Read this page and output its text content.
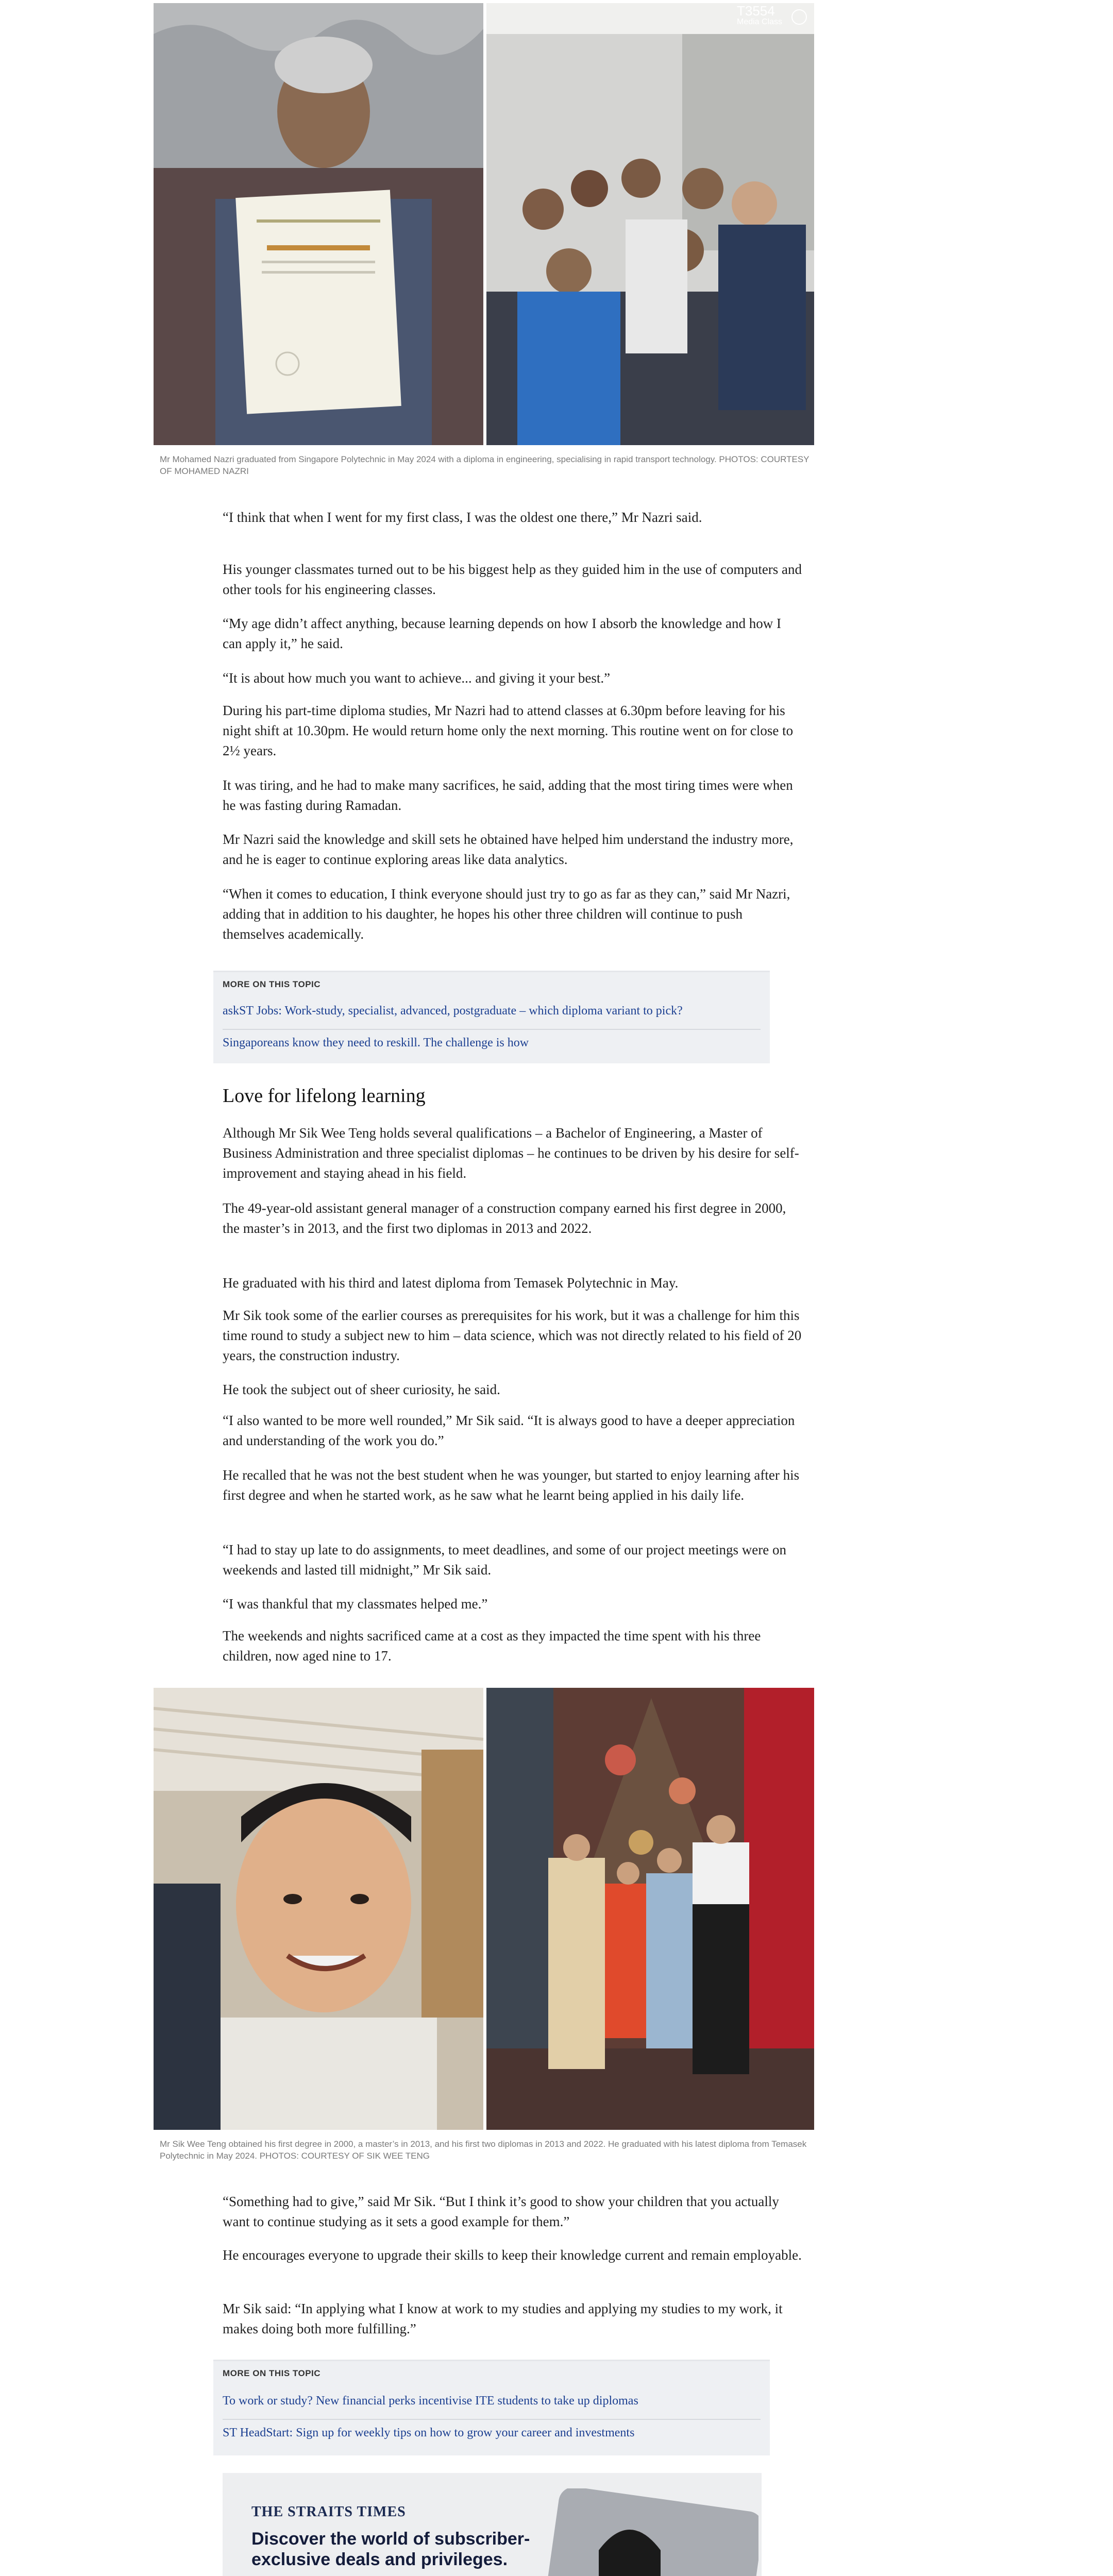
T3554
Media Class
Mr Mohamed Nazri graduated from Singapore Polytechnic in May 2024 with a diploma in engineering, specialising in rapid transport technology. PHOTOS: COURTESY OF MOHAMED NAZRI

“I think that when I went for my first class, I was the oldest one there,” Mr Nazri said.

His younger classmates turned out to be his biggest help as they guided him in the use of computers and other tools for his engineering classes.

“My age didn’t affect anything, because learning depends on how I absorb the knowledge and how I can apply it,” he said.

“It is about how much you want to achieve... and giving it your best.”

During his part-time diploma studies, Mr Nazri had to attend classes at 6.30pm before leaving for his night shift at 10.30pm. He would return home only the next morning. This routine went on for close to 2½ years.

It was tiring, and he had to make many sacrifices, he said, adding that the most tiring times were when he was fasting during Ramadan.

Mr Nazri said the knowledge and skill sets he obtained have helped him understand the industry more, and he is eager to continue exploring areas like data analytics.

“When it comes to education, I think everyone should just try to go as far as they can,” said Mr Nazri, adding that in addition to his daughter, he hopes his other three children will continue to push themselves academically.

MORE ON THIS TOPIC
askST Jobs: Work-study, specialist, advanced, postgraduate – which diploma variant to pick?
Singaporeans know they need to reskill. The challenge is how
Love for lifelong learning

Although Mr Sik Wee Teng holds several qualifications – a Bachelor of Engineering, a Master of Business Administration and three specialist diplomas – he continues to be driven by his desire for self-improvement and staying ahead in his field.

The 49-year-old assistant general manager of a construction company earned his first degree in 2000, the master’s in 2013, and the first two diplomas in 2013 and 2022.

He graduated with his third and latest diploma from Temasek Polytechnic in May.

Mr Sik took some of the earlier courses as prerequisites for his work, but it was a challenge for him this time round to study a subject new to him – data science, which was not directly related to his field of 20 years, the construction industry.

He took the subject out of sheer curiosity, he said.

“I also wanted to be more well rounded,” Mr Sik said. “It is always good to have a deeper appreciation and understanding of the work you do.”

He recalled that he was not the best student when he was younger, but started to enjoy learning after his first degree and when he started work, as he saw what he learnt being applied in his daily life.

“I had to stay up late to do assignments, to meet deadlines, and some of our project meetings were on weekends and lasted till midnight,” Mr Sik said.

“I was thankful that my classmates helped me.”

The weekends and nights sacrificed came at a cost as they impacted the time spent with his three children, now aged nine to 17.

Mr Sik Wee Teng obtained his first degree in 2000, a master’s in 2013, and his first two diplomas in 2013 and 2022. He graduated with his latest diploma from Temasek Polytechnic in May 2024. PHOTOS: COURTESY OF SIK WEE TENG

“Something had to give,” said Mr Sik. “But I think it’s good to show your children that you actually want to continue studying as it sets a good example for them.”

He encourages everyone to upgrade their skills to keep their knowledge current and remain employable.

Mr Sik said: “In applying what I know at work to my studies and applying my studies to my work, it makes doing both more fulfilling.”

MORE ON THIS TOPIC
To work or study? New financial perks incentivise ITE students to take up diplomas
ST HeadStart: Sign up for weekly tips on how to grow your career and investments
THE STRAITS TIMES
Discover the world of subscriber-exclusive deals and privileges.
